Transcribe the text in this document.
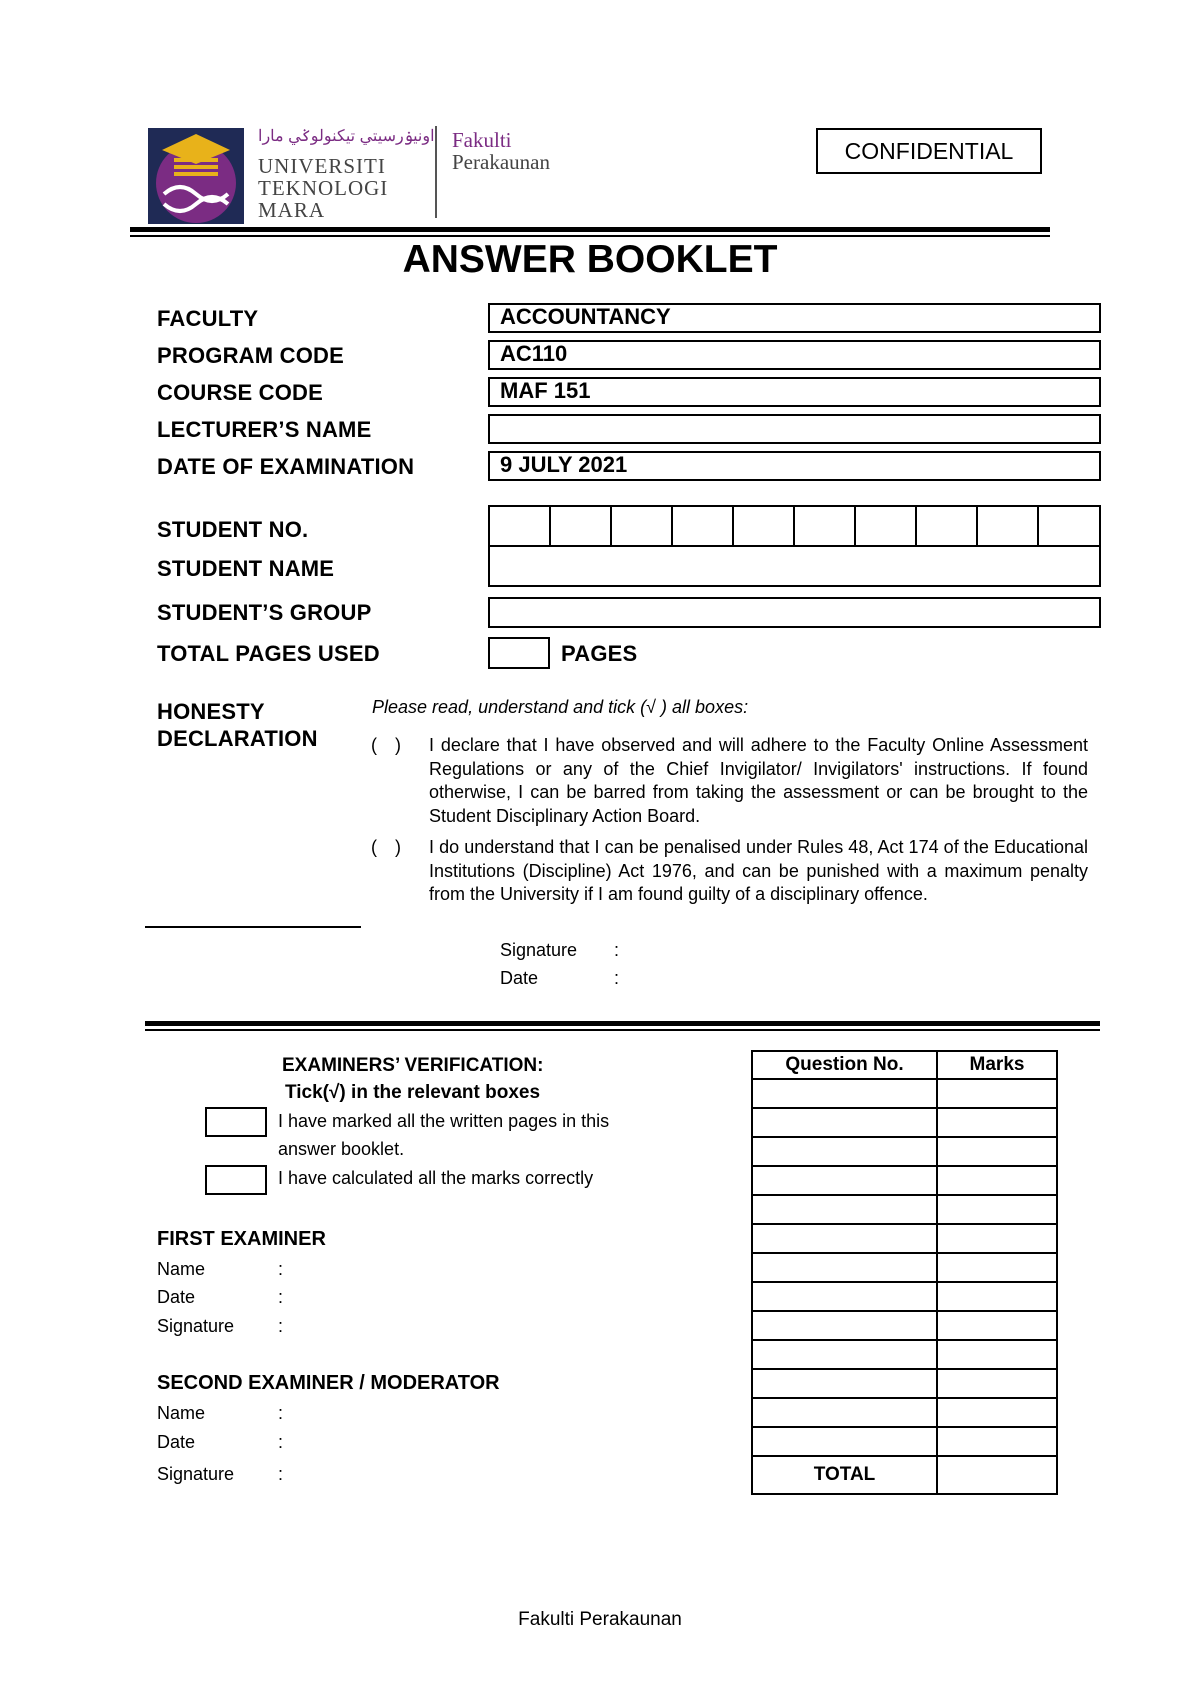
اونيۏرسيتي تيكنولوݢي مارا
UNIVERSITI
TEKNOLOGI
MARA
Fakulti
Perakaunan	CONFIDENTIAL
ANSWER BOOKLET
FACULTY	ACCOUNTANCY
PROGRAM CODE	AC110
COURSE CODE	MAF 151
LECTURER’S NAME
DATE OF EXAMINATION	9 JULY 2021
STUDENT NO.
STUDENT NAME
STUDENT’S GROUP
TOTAL PAGES USED	PAGES
HONESTY
DECLARATION
Please read, understand and tick (√ ) all boxes:
( )	I declare that I have observed and will adhere to the Faculty Online Assessment Regulations or any of the Chief Invigilator/ Invigilators' instructions. If found otherwise, I can be barred from taking the assessment or can be brought to the Student Disciplinary Action Board.
( )	I do understand that I can be penalised under Rules 48, Act 174 of the Educational Institutions (Discipline) Act 1976, and can be punished with a maximum penalty from the University if I am found guilty of a disciplinary offence.
Signature :
Date	:
EXAMINERS’ VERIFICATION:
Tick(√) in the relevant boxes
I have marked all the written pages in this
answer booklet.
I have calculated all the marks correctly
FIRST EXAMINER
Name	:
Date	:
Signature :
SECOND EXAMINER / MODERATOR
Name	:
Date	:
Signature :
Question No.	Marks

TOTAL	
Fakulti Perakaunan
